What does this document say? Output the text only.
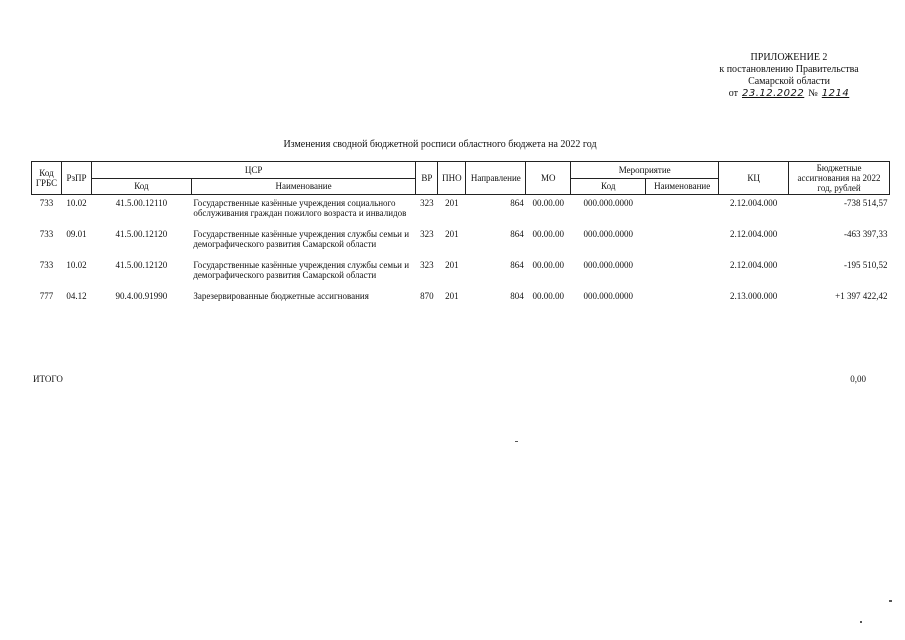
ПРИЛОЖЕНИЕ 2
к постановлению Правительства
Самарской области
от 23.12.2022 № 1214
Изменения сводной бюджетной росписи областного бюджета на 2022 год
Код ГРБС	РзПР	ЦСР		ВР	ПНО	Направление	МО	Мероприятие		КЦ	Бюджетные ассигнования на 2022 год, рублей
		Код	Наименование					Код	Наименование		
733	10.02	41.5.00.12110	Государственные казённые учреждения социального обслуживания граждан пожилого возраста и инвалидов	323	201	864	00.00.00	000.000.0000		2.12.004.000	-738 514,57
733	09.01	41.5.00.12120	Государственные казённые учреждения службы семьи и демографического развития Самарской области	323	201	864	00.00.00	000.000.0000		2.12.004.000	-463 397,33
733	10.02	41.5.00.12120	Государственные казённые учреждения службы семьи и демографического развития Самарской области	323	201	864	00.00.00	000.000.0000		2.12.004.000	-195 510,52
777	04.12	90.4.00.91990	Зарезервированные бюджетные ассигнования	870	201	804	00.00.00	000.000.0000		2.13.000.000	+1 397 422,42
ИТОГО	0,00
